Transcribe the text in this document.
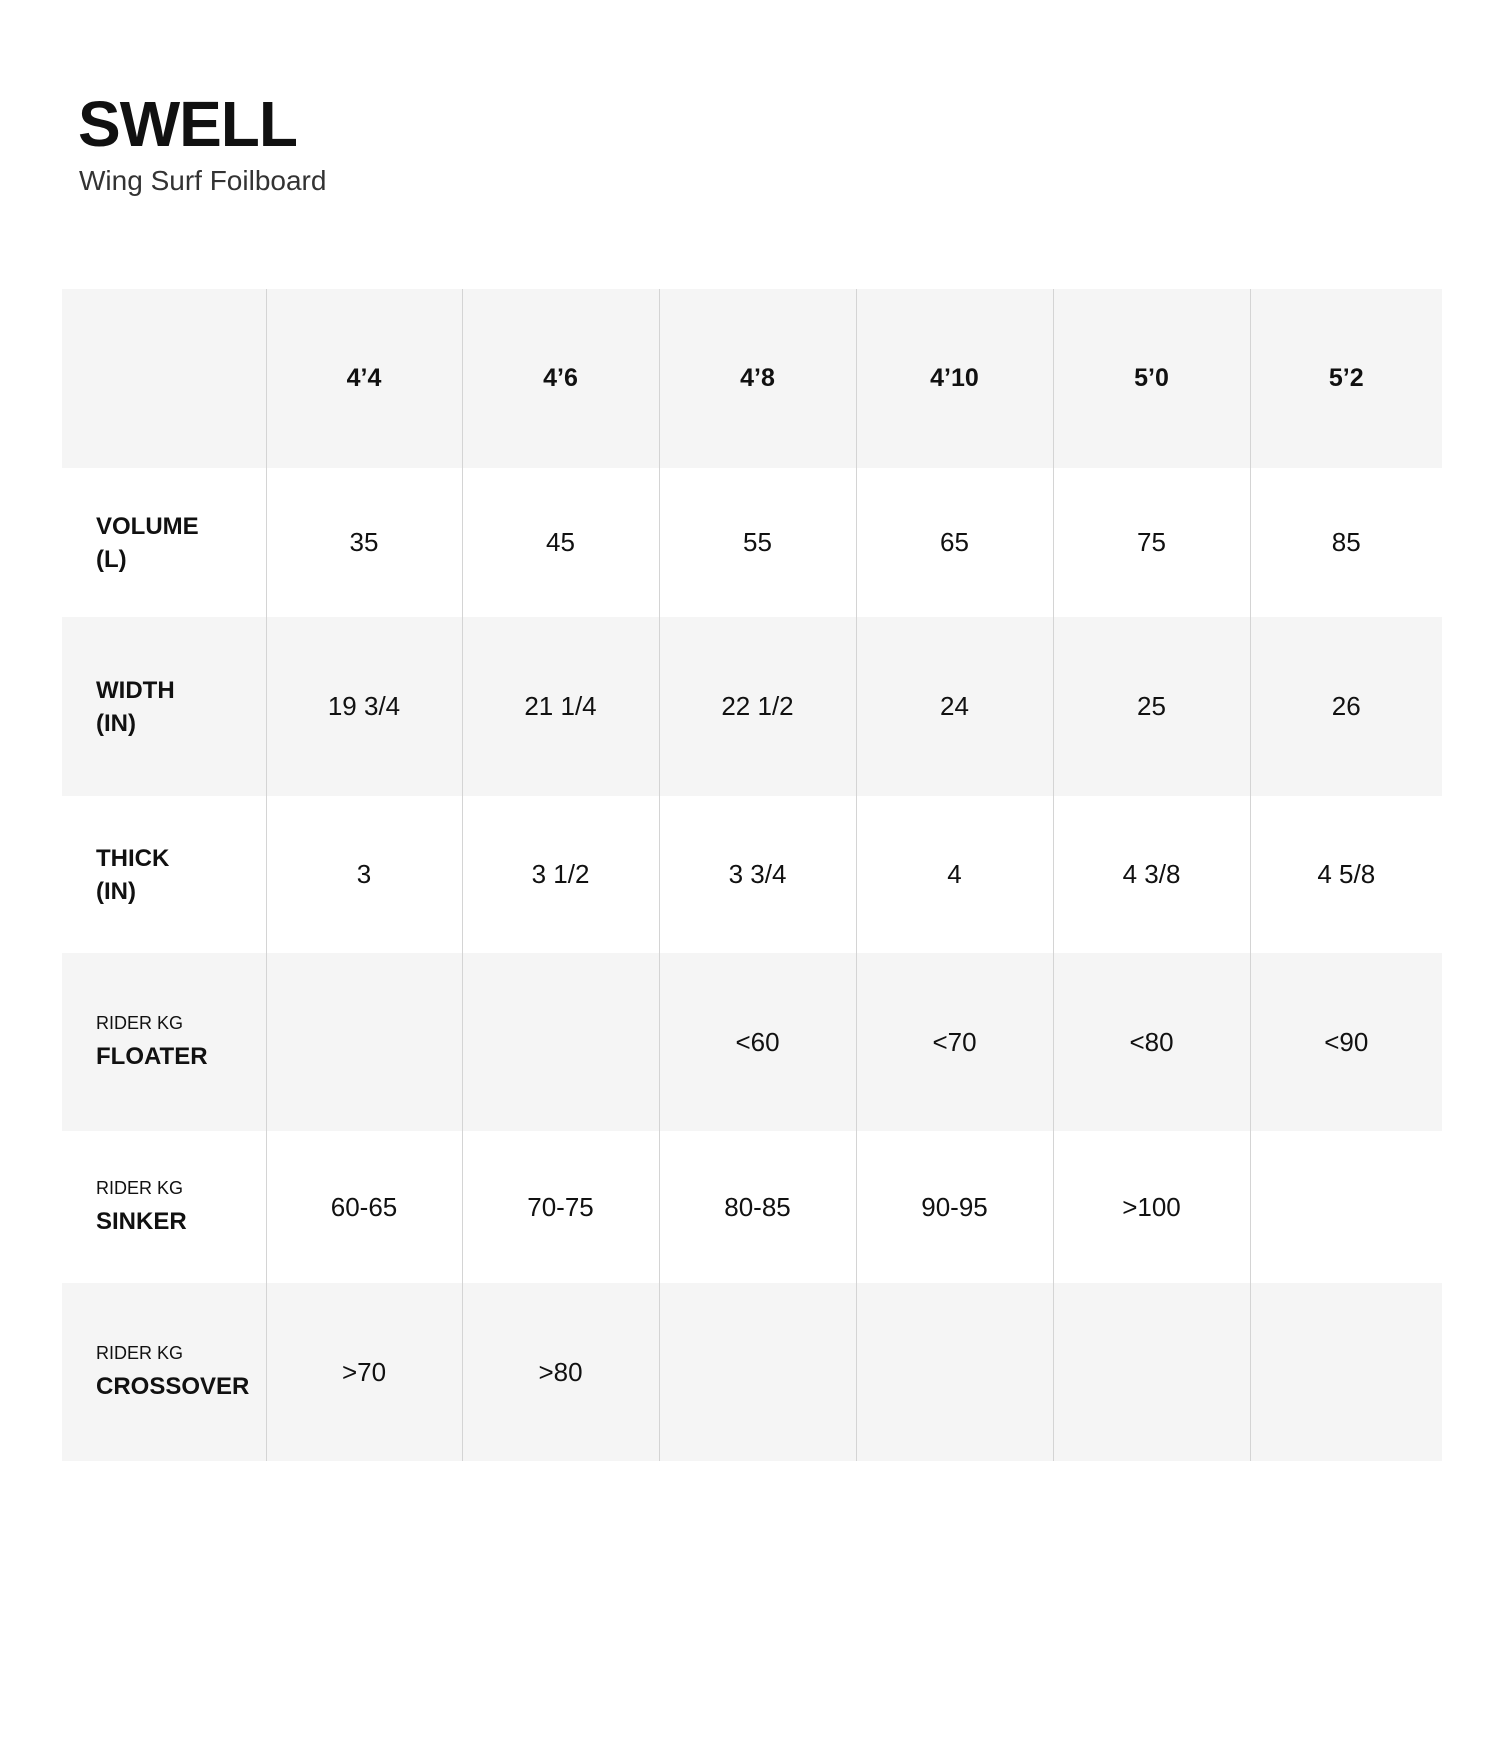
SWELL
Wing Surf Foilboard
	4’4	4’6	4’8	4’10	5’0	5’2

VOLUME
(L)	35	45	55	65	75	85

WIDTH
(IN)	19 3/4	21 1/4	22 1/2	24	25	26

THICK
(IN)	3	3 1/2	3 3/4	4	4 3/8	4 5/8

RIDER KG
FLOATER			<60	<70	<80	<90

RIDER KG
SINKER	60-65	70-75	80-85	90-95	>100	

RIDER KG
CROSSOVER	>70	>80				
